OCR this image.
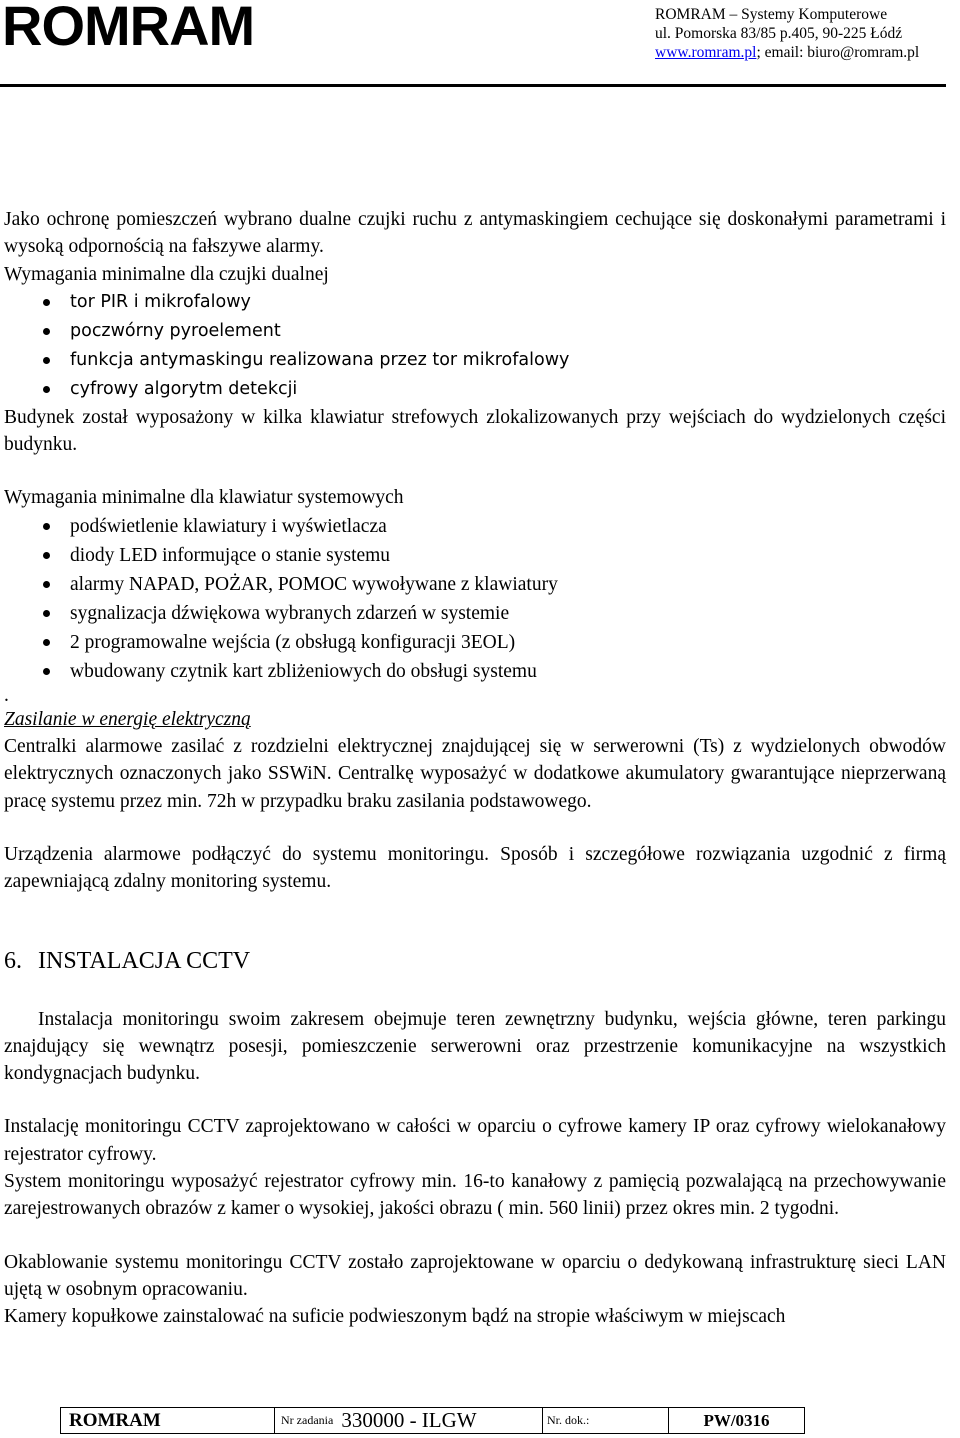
ROMRAM	ROMRAM – Systemy Komputerowe
ul. Pomorska 83/85 p.405, 90-225 Łódź
www.romram.pl; email: biuro@romram.pl

Jako ochronę pomieszczeń wybrano dualne czujki ruchu z antymaskingiem cechujące się doskonałymi parametrami i wysoką odpornością na fałszywe alarmy.

Wymagania minimalne dla czujki dualnej

tor PIR i mikrofalowy
poczwórny pyroelement
funkcja antymaskingu realizowana przez tor mikrofalowy
cyfrowy algorytm detekcji

Budynek został wyposażony w kilka klawiatur strefowych zlokalizowanych przy wejściach do wydzielonych części budynku.

Wymagania minimalne dla klawiatur systemowych

podświetlenie klawiatury i wyświetlacza
diody LED informujące o stanie systemu
alarmy NAPAD, POŻAR, POMOC wywoływane z klawiatury
sygnalizacja dźwiękowa wybranych zdarzeń w systemie
2 programowalne wejścia (z obsługą konfiguracji 3EOL)
wbudowany czytnik kart zbliżeniowych do obsługi systemu
.

Zasilanie w energię elektryczną

Centralki alarmowe zasilać z rozdzielni elektrycznej znajdującej się w serwerowni (Ts) z wydzielonych obwodów elektrycznych oznaczonych jako SSWiN. Centralkę wyposażyć w dodatkowe akumulatory gwarantujące nieprzerwaną pracę systemu przez min. 72h w przypadku braku zasilania podstawowego.

Urządzenia alarmowe podłączyć do systemu monitoringu. Sposób i szczegółowe rozwiązania uzgodnić z firmą zapewniającą zdalny monitoring systemu.

6. INSTALACJA CCTV

Instalacja monitoringu swoim zakresem obejmuje teren zewnętrzny budynku, wejścia główne, teren parkingu znajdujący się wewnątrz posesji, pomieszczenie serwerowni oraz przestrzenie komunikacyjne na wszystkich kondygnacjach budynku.

Instalację monitoringu CCTV zaprojektowano w całości w oparciu o cyfrowe kamery IP oraz cyfrowy wielokanałowy rejestrator cyfrowy.

System monitoringu wyposażyć rejestrator cyfrowy min. 16-to kanałowy z pamięcią pozwalającą na przechowywanie zarejestrowanych obrazów z kamer o wysokiej, jakości obrazu ( min. 560 linii) przez okres min. 2 tygodni.

Okablowanie systemu monitoringu CCTV zostało zaprojektowane w oparciu o dedykowaną infrastrukturę sieci LAN ujętą w osobnym opracowaniu.

Kamery kopułkowe zainstalować na suficie podwieszonym bądź na stropie właściwym w miejscach

ROMRAM	Nr zadania 330000 - ILGW	Nr. dok.:	PW/0316
